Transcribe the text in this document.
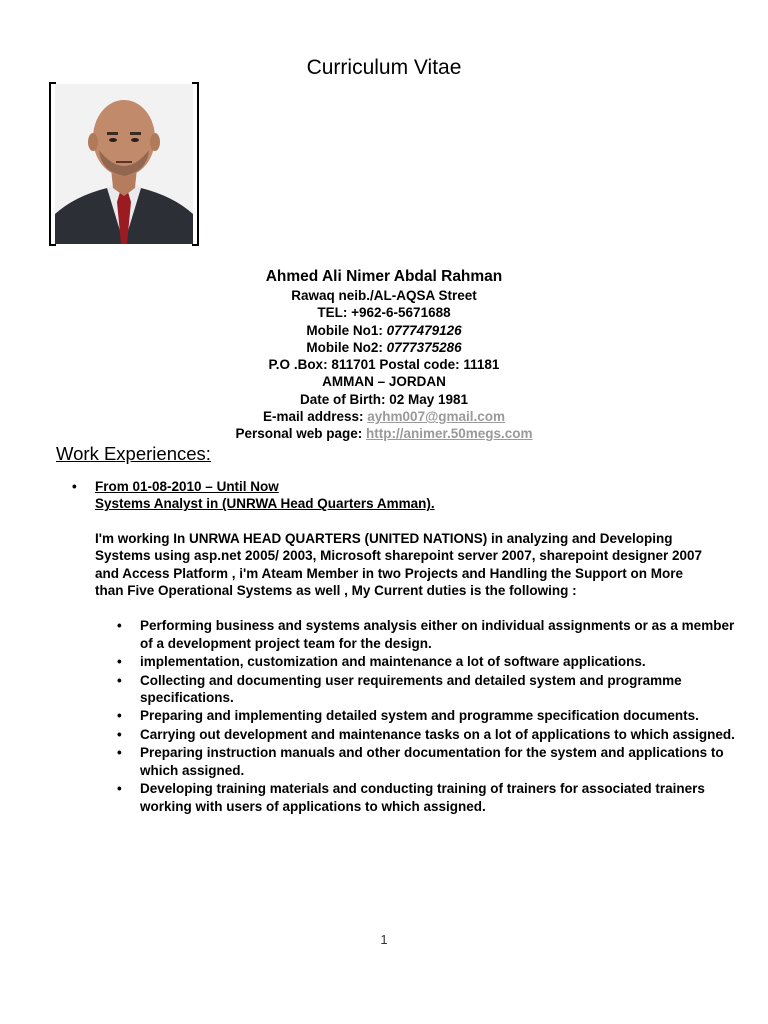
Curriculum Vitae
Ahmed Ali Nimer Abdal Rahman
Rawaq neib./AL-AQSA Street
TEL: +962-6-5671688
Mobile No1: 0777479126
Mobile No2: 0777375286
P.O .Box: 811701 Postal code: 11181
AMMAN – JORDAN
Date of Birth: 02 May 1981
E-mail address: ayhm007@gmail.com
Personal web page: http://animer.50megs.com
Work Experiences:
• From 01-08-2010 – Until Now
Systems Analyst in (UNRWA Head Quarters Amman).
I'm working In UNRWA HEAD QUARTERS (UNITED NATIONS) in analyzing and Developing Systems using asp.net 2005/ 2003, Microsoft sharepoint server 2007, sharepoint designer 2007 and Access Platform , i'm Ateam Member in two Projects and Handling the Support on More than Five Operational Systems as well , My Current duties is the following :
• Performing business and systems analysis either on individual assignments or as a member of a development project team for the design.
• implementation, customization and maintenance a lot of software applications.
• Collecting and documenting user requirements and detailed system and programme specifications.
• Preparing and implementing detailed system and programme specification documents.
• Carrying out development and maintenance tasks on a lot of applications to which assigned.
• Preparing instruction manuals and other documentation for the system and applications to which assigned.
• Developing training materials and conducting training of trainers for associated trainers working with users of applications to which assigned.
1
